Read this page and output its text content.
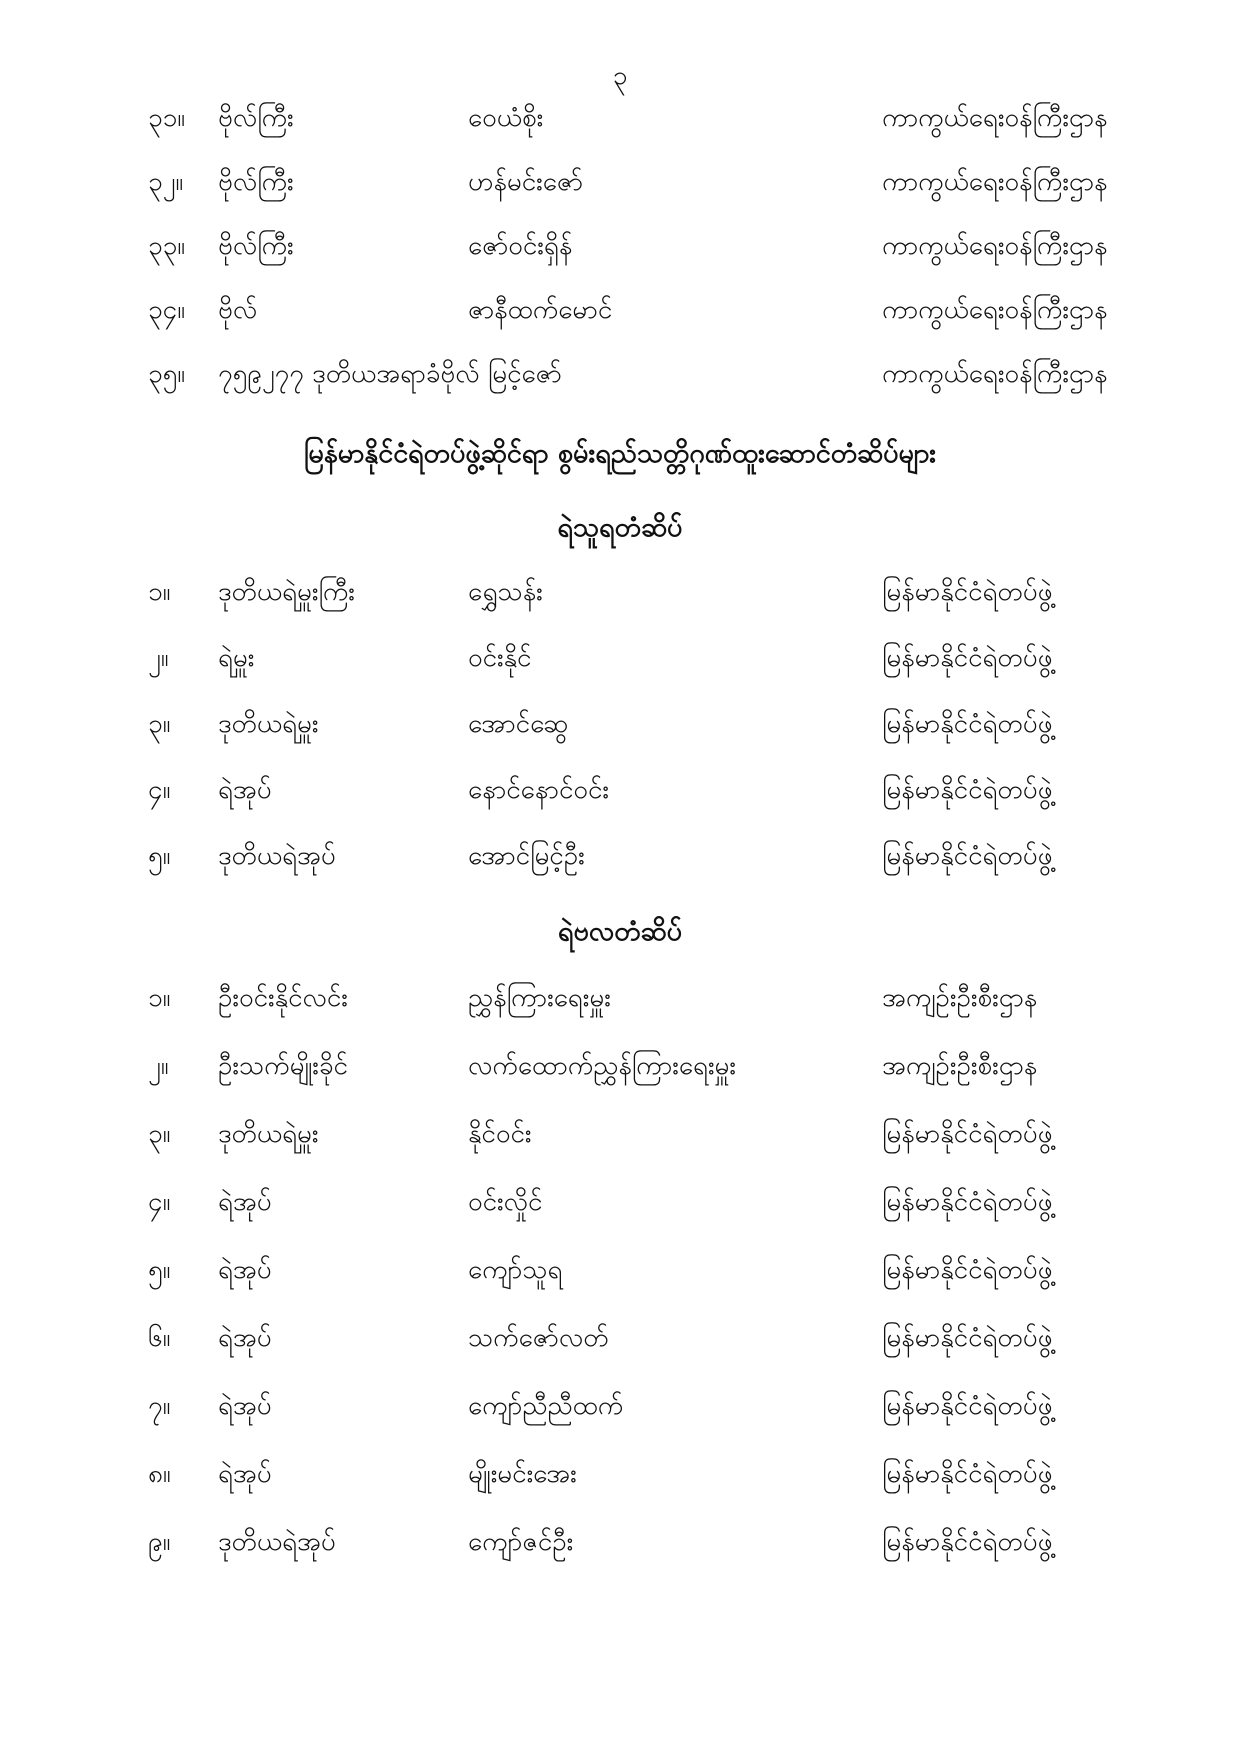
၃
၃၁။ ဗိုလ်ကြီး	ဝေယံစိုး	ကာကွယ်ရေးဝန်ကြီးဌာန
၃၂။ ဗိုလ်ကြီး	ဟန်မင်းဇော်	ကာကွယ်ရေးဝန်ကြီးဌာန
၃၃။ ဗိုလ်ကြီး	ဇော်ဝင်းရှိန်	ကာကွယ်ရေးဝန်ကြီးဌာန
၃၄။ ဗိုလ်	ဇာနီထက်မောင်	ကာကွယ်ရေးဝန်ကြီးဌာန
၃၅။ ၇၅၉၂၇၇ ဒုတိယအရာခံဗိုလ် မြင့်ဇော်	ကာကွယ်ရေးဝန်ကြီးဌာန
မြန်မာနိုင်ငံရဲတပ်ဖွဲ့ဆိုင်ရာ စွမ်းရည်သတ္တိဂုဏ်ထူးဆောင်တံဆိပ်များ
ရဲသူရတံဆိပ်
၁။ ဒုတိယရဲမှူးကြီး	ရွှေသန်း	မြန်မာနိုင်ငံရဲတပ်ဖွဲ့
၂။ ရဲမှူး	ဝင်းနိုင်	မြန်မာနိုင်ငံရဲတပ်ဖွဲ့
၃။ ဒုတိယရဲမှူး	အောင်ဆွေ	မြန်မာနိုင်ငံရဲတပ်ဖွဲ့
၄။ ရဲအုပ်	နောင်နောင်ဝင်း	မြန်မာနိုင်ငံရဲတပ်ဖွဲ့
၅။ ဒုတိယရဲအုပ်	အောင်မြင့်ဦး	မြန်မာနိုင်ငံရဲတပ်ဖွဲ့
ရဲဗလတံဆိပ်
၁။ ဦးဝင်းနိုင်လင်း	ညွှန်ကြားရေးမှူး	အကျဉ်းဦးစီးဌာန
၂။ ဦးသက်မျိုးခိုင်	လက်ထောက်ညွှန်ကြားရေးမှူး	အကျဉ်းဦးစီးဌာန
၃။ ဒုတိယရဲမှူး	နိုင်ဝင်း	မြန်မာနိုင်ငံရဲတပ်ဖွဲ့
၄။ ရဲအုပ်	ဝင်းလှိုင်	မြန်မာနိုင်ငံရဲတပ်ဖွဲ့
၅။ ရဲအုပ်	ကျော်သူရ	မြန်မာနိုင်ငံရဲတပ်ဖွဲ့
၆။ ရဲအုပ်	သက်ဇော်လတ်	မြန်မာနိုင်ငံရဲတပ်ဖွဲ့
၇။ ရဲအုပ်	ကျော်ညီညီထက်	မြန်မာနိုင်ငံရဲတပ်ဖွဲ့
၈။ ရဲအုပ်	မျိုးမင်းအေး	မြန်မာနိုင်ငံရဲတပ်ဖွဲ့
၉။ ဒုတိယရဲအုပ်	ကျော်ဇင်ဦး	မြန်မာနိုင်ငံရဲတပ်ဖွဲ့
